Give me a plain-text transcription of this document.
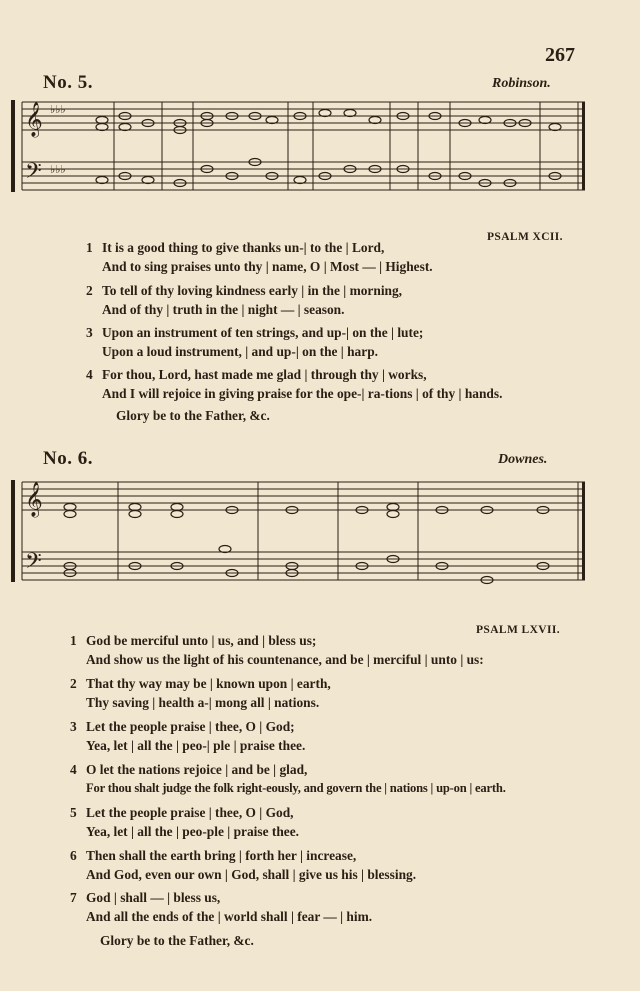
267
No. 5.	Robinson.
𝄞
𝄢
♭♭♭
♭♭♭
PSALM XCII.
1 It is a good thing to give thanks un-| to the | Lord,
And to sing praises unto thy | name, O | Most — | Highest.
2 To tell of thy loving kindness early | in the | morning,
And of thy | truth in the | night — | season.
3 Upon an instrument of ten strings, and up-| on the | lute;
Upon a loud instrument, | and up-| on the | harp.
4 For thou, Lord, hast made me glad | through thy | works,
And I will rejoice in giving praise for the ope-| ra-tions | of thy | hands.
Glory be to the Father, &c.
No. 6.	Downes.
𝄞
𝄢
PSALM LXVII.
1 God be merciful unto | us, and | bless us;
And show us the light of his countenance, and be | merciful | unto | us:
2 That thy way may be | known upon | earth,
Thy saving | health a-| mong all | nations.
3 Let the people praise | thee, O | God;
Yea, let | all the | peo-| ple | praise thee.
4 O let the nations rejoice | and be | glad,
For thou shalt judge the folk right-eously, and govern the | nations | up-on | earth.
5 Let the people praise | thee, O | God,
Yea, let | all the | peo-ple | praise thee.
6 Then shall the earth bring | forth her | increase,
And God, even our own | God, shall | give us his | blessing.
7 God | shall — | bless us,
And all the ends of the | world shall | fear — | him.
Glory be to the Father, &c.
